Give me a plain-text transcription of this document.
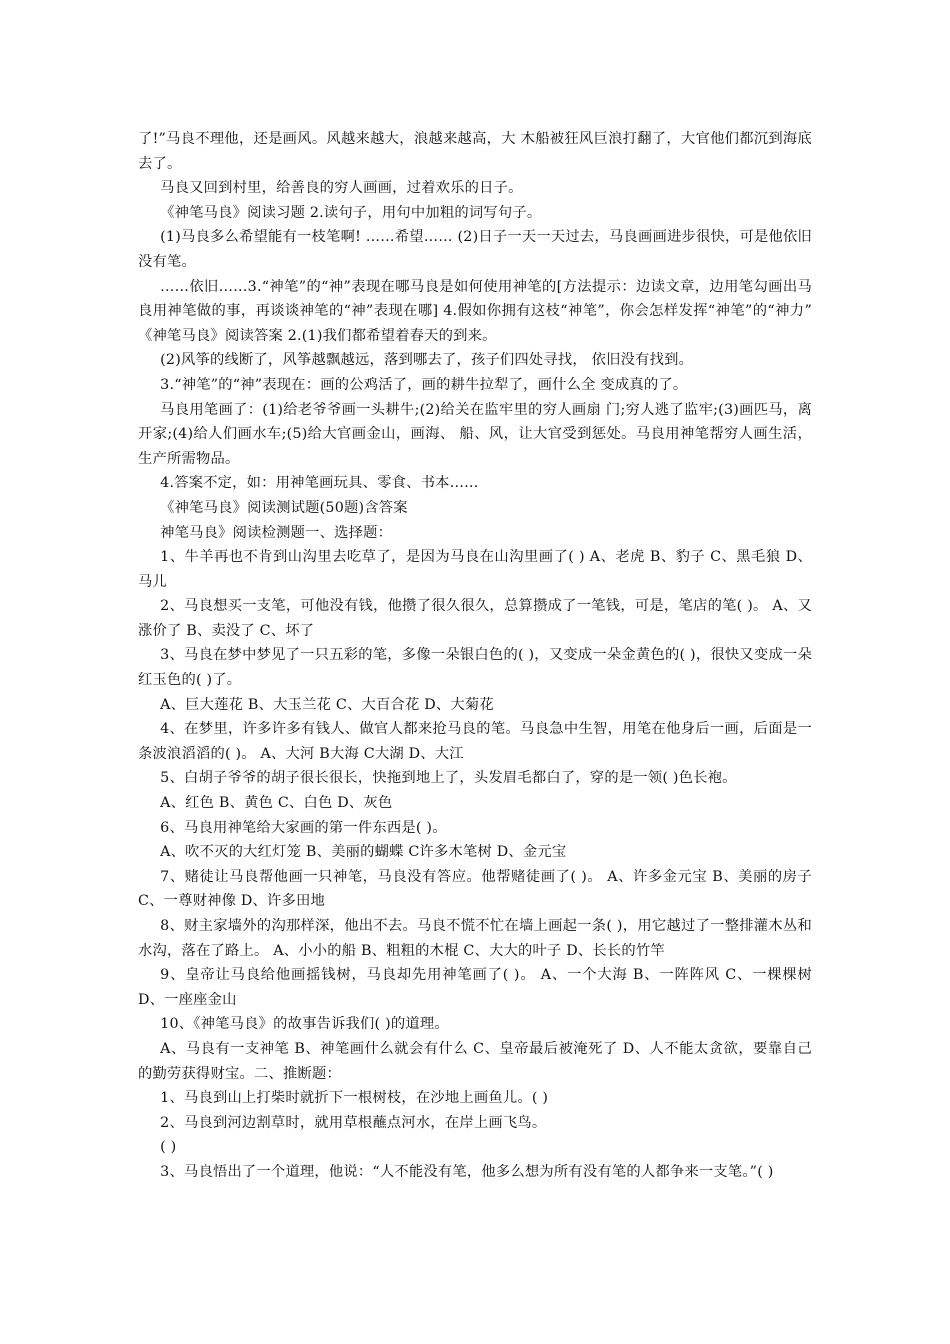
了!”马良不理他，还是画风。风越来越大，浪越来越高，大 木船被狂风巨浪打翻了，大官他们都沉到海底去了。

马良又回到村里，给善良的穷人画画，过着欢乐的日子。

《神笔马良》阅读习题 2.读句子，用句中加粗的词写句子。

(1)马良多么希望能有一枝笔啊! ……希望…… (2)日子一天一天过去，马良画画进步很快，可是他依旧没有笔。

……依旧……3.“神笔”的“神”表现在哪马良是如何使用神笔的[方法提示：边读文章，边用笔勾画出马良用神笔做的事，再谈谈神笔的“神”表现在哪] 4.假如你拥有这枝“神笔”，你会怎样发挥“神笔”的“神力” 《神笔马良》阅读答案 2.(1)我们都希望着春天的到来。

(2)风筝的线断了，风筝越飘越远，落到哪去了，孩子们四处寻找， 依旧没有找到。

3.“神笔”的“神”表现在：画的公鸡活了，画的耕牛拉犁了，画什么全 变成真的了。

马良用笔画了：(1)给老爷爷画一头耕牛;(2)给关在监牢里的穷人画扇 门;穷人逃了监牢;(3)画匹马，离开家;(4)给人们画水车;(5)给大官画金山，画海、 船、风，让大官受到惩处。马良用神笔帮穷人画生活，生产所需物品。

4.答案不定，如：用神笔画玩具、零食、书本……

《神笔马良》阅读测试题(50题)含答案

神笔马良》阅读检测题一、选择题：

1、牛羊再也不肯到山沟里去吃草了，是因为马良在山沟里画了( ) A、老虎 B、豹子 C、黑毛狼 D、马儿

2、马良想买一支笔，可他没有钱，他攒了很久很久，总算攒成了一笔钱，可是，笔店的笔( )。 A、又涨价了 B、卖没了 C、坏了

3、马良在梦中梦见了一只五彩的笔，多像一朵银白色的( )，又变成一朵金黄色的( )，很快又变成一朵红玉色的( )了。

A、巨大莲花 B、大玉兰花 C、大百合花 D、大菊花

4、在梦里，许多许多有钱人、做官人都来抢马良的笔。马良急中生智，用笔在他身后一画，后面是一条波浪滔滔的( )。 A、大河 B大海 C大湖 D、大江

5、白胡子爷爷的胡子很长很长，快拖到地上了，头发眉毛都白了，穿的是一领( )色长袍。

A、红色 B、黄色 C、白色 D、灰色

6、马良用神笔给大家画的第一件东西是( )。

A、吹不灭的大红灯笼 B、美丽的蝴蝶 C许多木笔树 D、金元宝

7、赌徒让马良帮他画一只神笔，马良没有答应。他帮赌徒画了( )。 A、许多金元宝 B、美丽的房子 C、一尊财神像 D、许多田地

8、财主家墙外的沟那样深，他出不去。马良不慌不忙在墙上画起一条( )，用它越过了一整排灌木丛和水沟，落在了路上。 A、小小的船 B、粗粗的木棍 C、大大的叶子 D、长长的竹竿

9、皇帝让马良给他画摇钱树，马良却先用神笔画了( )。 A、一个大海 B、一阵阵风 C、一棵棵树 D、一座座金山

10、《神笔马良》的故事告诉我们( )的道理。

A、马良有一支神笔 B、神笔画什么就会有什么 C、皇帝最后被淹死了 D、人不能太贪欲，要靠自己的勤劳获得财宝。二、推断题：

1、马良到山上打柴时就折下一根树枝，在沙地上画鱼儿。( )

2、马良到河边割草时，就用草根蘸点河水，在岸上画飞鸟。

( )

3、马良悟出了一个道理，他说：“人不能没有笔，他多么想为所有没有笔的人都争来一支笔。”( )
